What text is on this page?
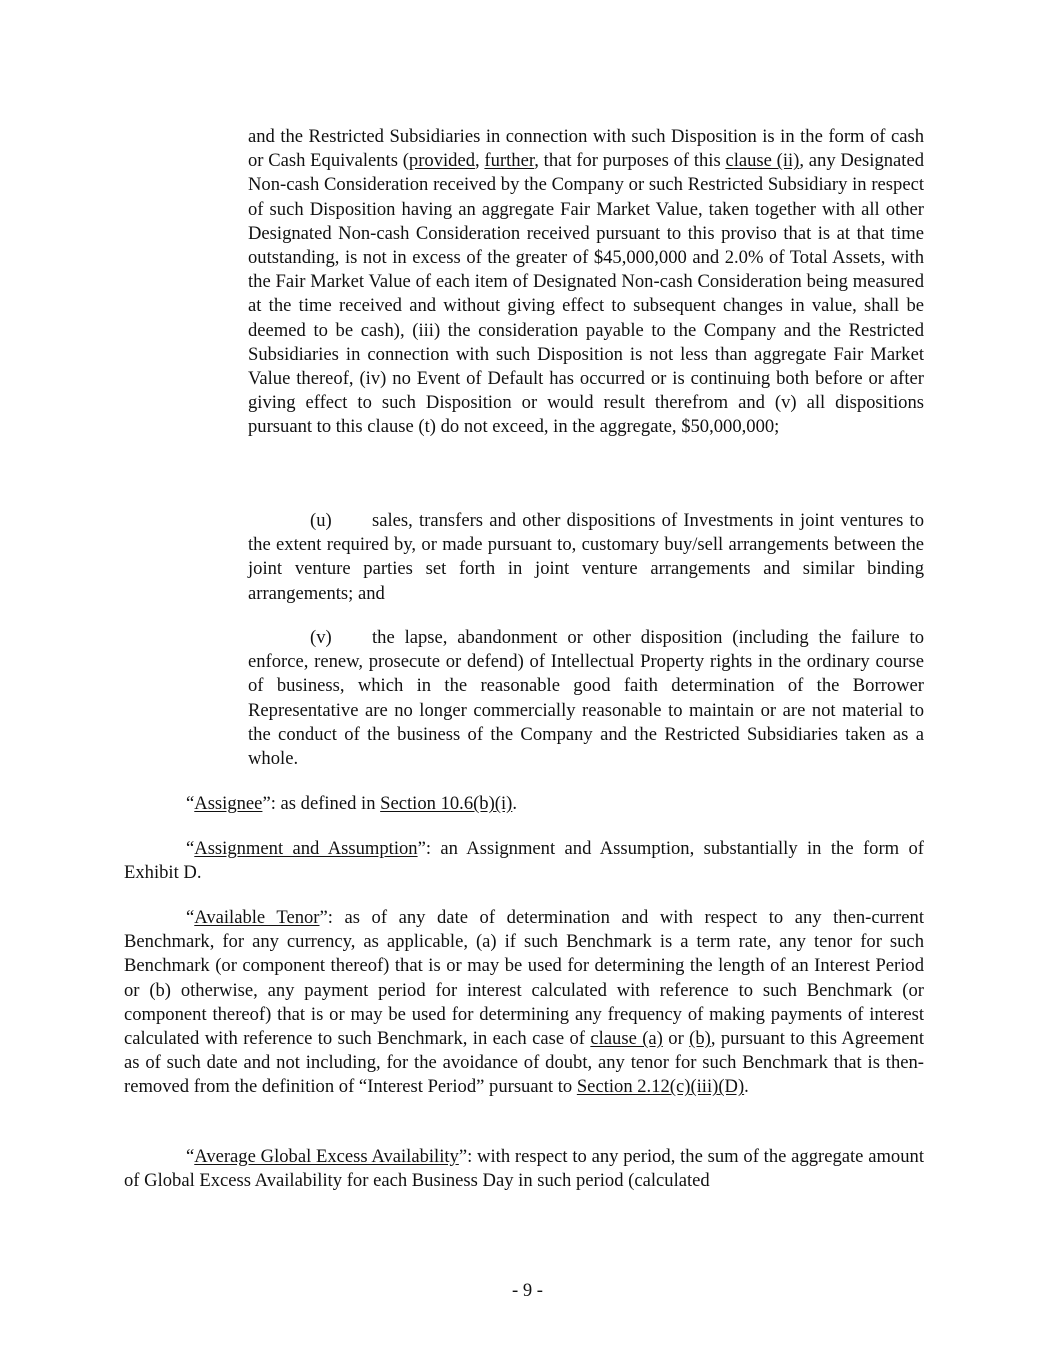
and the Restricted Subsidiaries in connection with such Disposition is in the form of cash or Cash Equivalents (provided, further, that for purposes of this clause (ii), any Designated Non-cash Consideration received by the Company or such Restricted Subsidiary in respect of such Disposition having an aggregate Fair Market Value, taken together with all other Designated Non-cash Consideration received pursuant to this proviso that is at that time outstanding, is not in excess of the greater of $45,000,000 and 2.0% of Total Assets, with the Fair Market Value of each item of Designated Non-cash Consideration being measured at the time received and without giving effect to subsequent changes in value, shall be deemed to be cash), (iii) the consideration payable to the Company and the Restricted Subsidiaries in connection with such Disposition is not less than aggregate Fair Market Value thereof, (iv) no Event of Default has occurred or is continuing both before or after giving effect to such Disposition or would result therefrom and (v) all dispositions pursuant to this clause (t) do not exceed, in the aggregate, $50,000,000;

(u) sales, transfers and other dispositions of Investments in joint ventures to the extent required by, or made pursuant to, customary buy/sell arrangements between the joint venture parties set forth in joint venture arrangements and similar binding arrangements; and

(v) the lapse, abandonment or other disposition (including the failure to enforce, renew, prosecute or defend) of Intellectual Property rights in the ordinary course of business, which in the reasonable good faith determination of the Borrower Representative are no longer commercially reasonable to maintain or are not material to the conduct of the business of the Company and the Restricted Subsidiaries taken as a whole.

“Assignee”: as defined in Section 10.6(b)(i).

“Assignment and Assumption”: an Assignment and Assumption, substantially in the form of Exhibit D.

“Available Tenor”: as of any date of determination and with respect to any then-current Benchmark, for any currency, as applicable, (a) if such Benchmark is a term rate, any tenor for such Benchmark (or component thereof) that is or may be used for determining the length of an Interest Period or (b) otherwise, any payment period for interest calculated with reference to such Benchmark (or component thereof) that is or may be used for determining any frequency of making payments of interest calculated with reference to such Benchmark, in each case of clause (a) or (b), pursuant to this Agreement as of such date and not including, for the avoidance of doubt, any tenor for such Benchmark that is then-removed from the definition of “Interest Period” pursuant to Section 2.12(c)(iii)(D).

“Average Global Excess Availability”: with respect to any period, the sum of the aggregate amount of Global Excess Availability for each Business Day in such period (calculated

- 9 -
